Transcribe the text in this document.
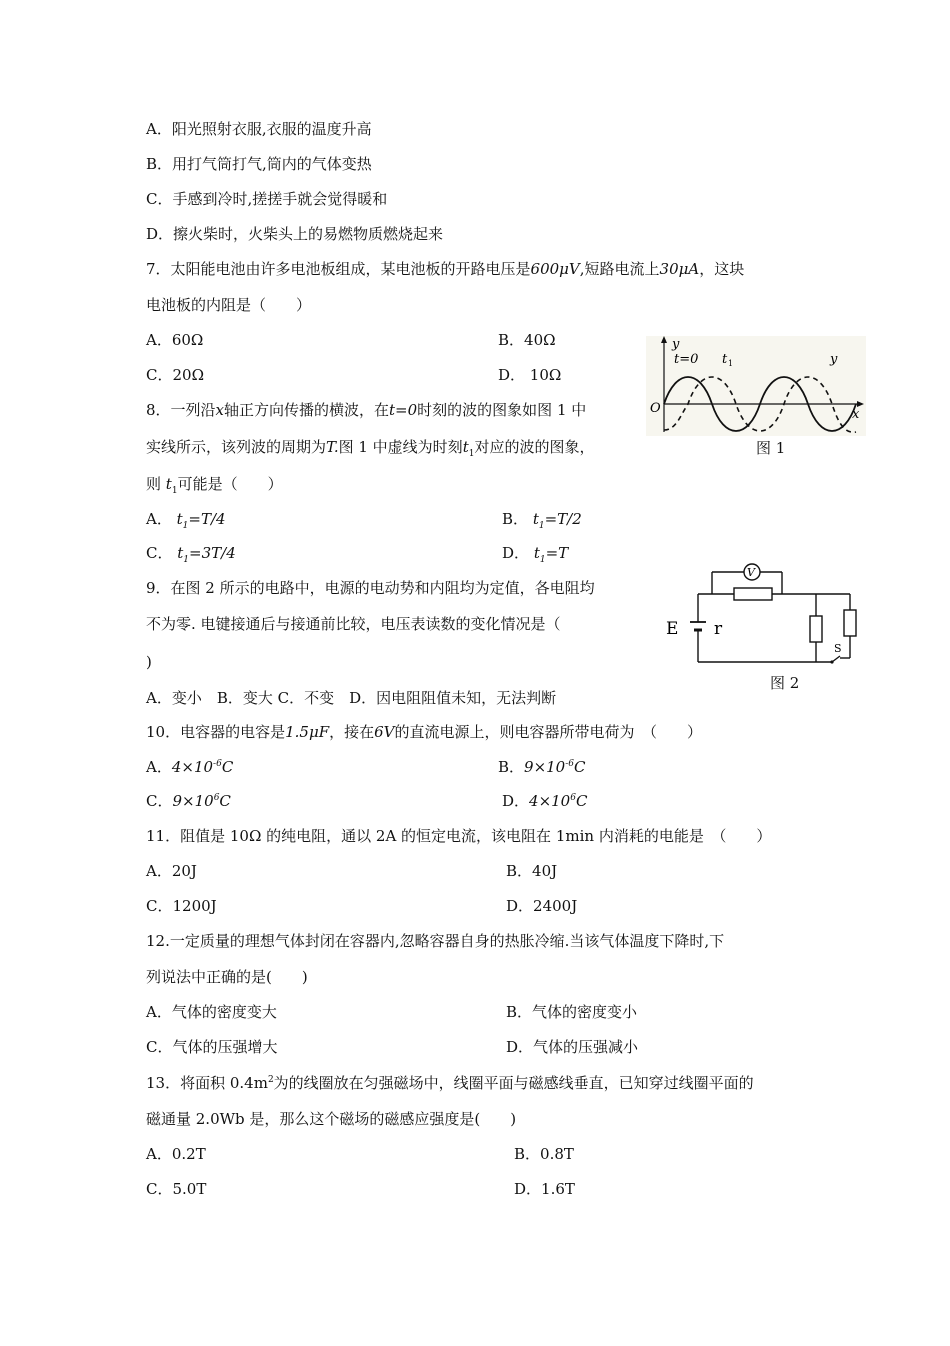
A．阳光照射衣服,衣服的温度升高
B．用打气筒打气,筒内的气体变热
C．手感到冷时,搓搓手就会觉得暖和
D．擦火柴时，火柴头上的易燃物质燃烧起来
7．太阳能电池由许多电池板组成，某电池板的开路电压是600μV,短路电流上30μA，这块
电池板的内阻是（　　）
A．60Ω	B．40Ω
C．20Ω	D． 10Ω
y
t=0 t 1	y
O	x
图 1
8．一列沿x轴正方向传播的横波，在t=0时刻的波的图象如图 1 中
实线所示，该列波的周期为T.图 1 中虚线为时刻$t_1$对应的波的图象，
则 $t_1$可能是（　　）
A． $t_1=T/4$	B． $t_1=T/2$
C． $t_1=3T/4$	D． $t_1=T$
V
E r
S
图 2
9．在图 2 所示的电路中，电源的电动势和内阻均为定值，各电阻均
不为零. 电键接通后与接通前比较，电压表读数的变化情况是（
)
A．变小　B．变大 C．不变　D．因电阻阻值未知，无法判断
10．电容器的电容是1.5μF，接在6V的直流电源上，则电容器所带电荷为　（　　）
A．$4\times 10^{-6}C$	B．$9\times 10^{-6}C$
C．$9\times 10^6C$	D．$4\times 10^6C$
11．阻值是 10Ω 的纯电阻，通以 2A 的恒定电流，该电阻在 1min 内消耗的电能是　（　　）
A．20J	B．40J
C．1200J	D．2400J
12.一定质量的理想气体封闭在容器内,忽略容器自身的热胀冷缩.当该气体温度下降时,下
列说法中正确的是(　　)
A．气体的密度变大	B．气体的密度变小
C．气体的压强增大	D．气体的压强减小
13．将面积 $0.4m^2$为的线圈放在匀强磁场中，线圈平面与磁感线垂直，已知穿过线圈平面的
磁通量 2.0Wb 是，那么这个磁场的磁感应强度是(　　)
A．0.2T	B．0.8T
C．5.0T	D．1.6T
